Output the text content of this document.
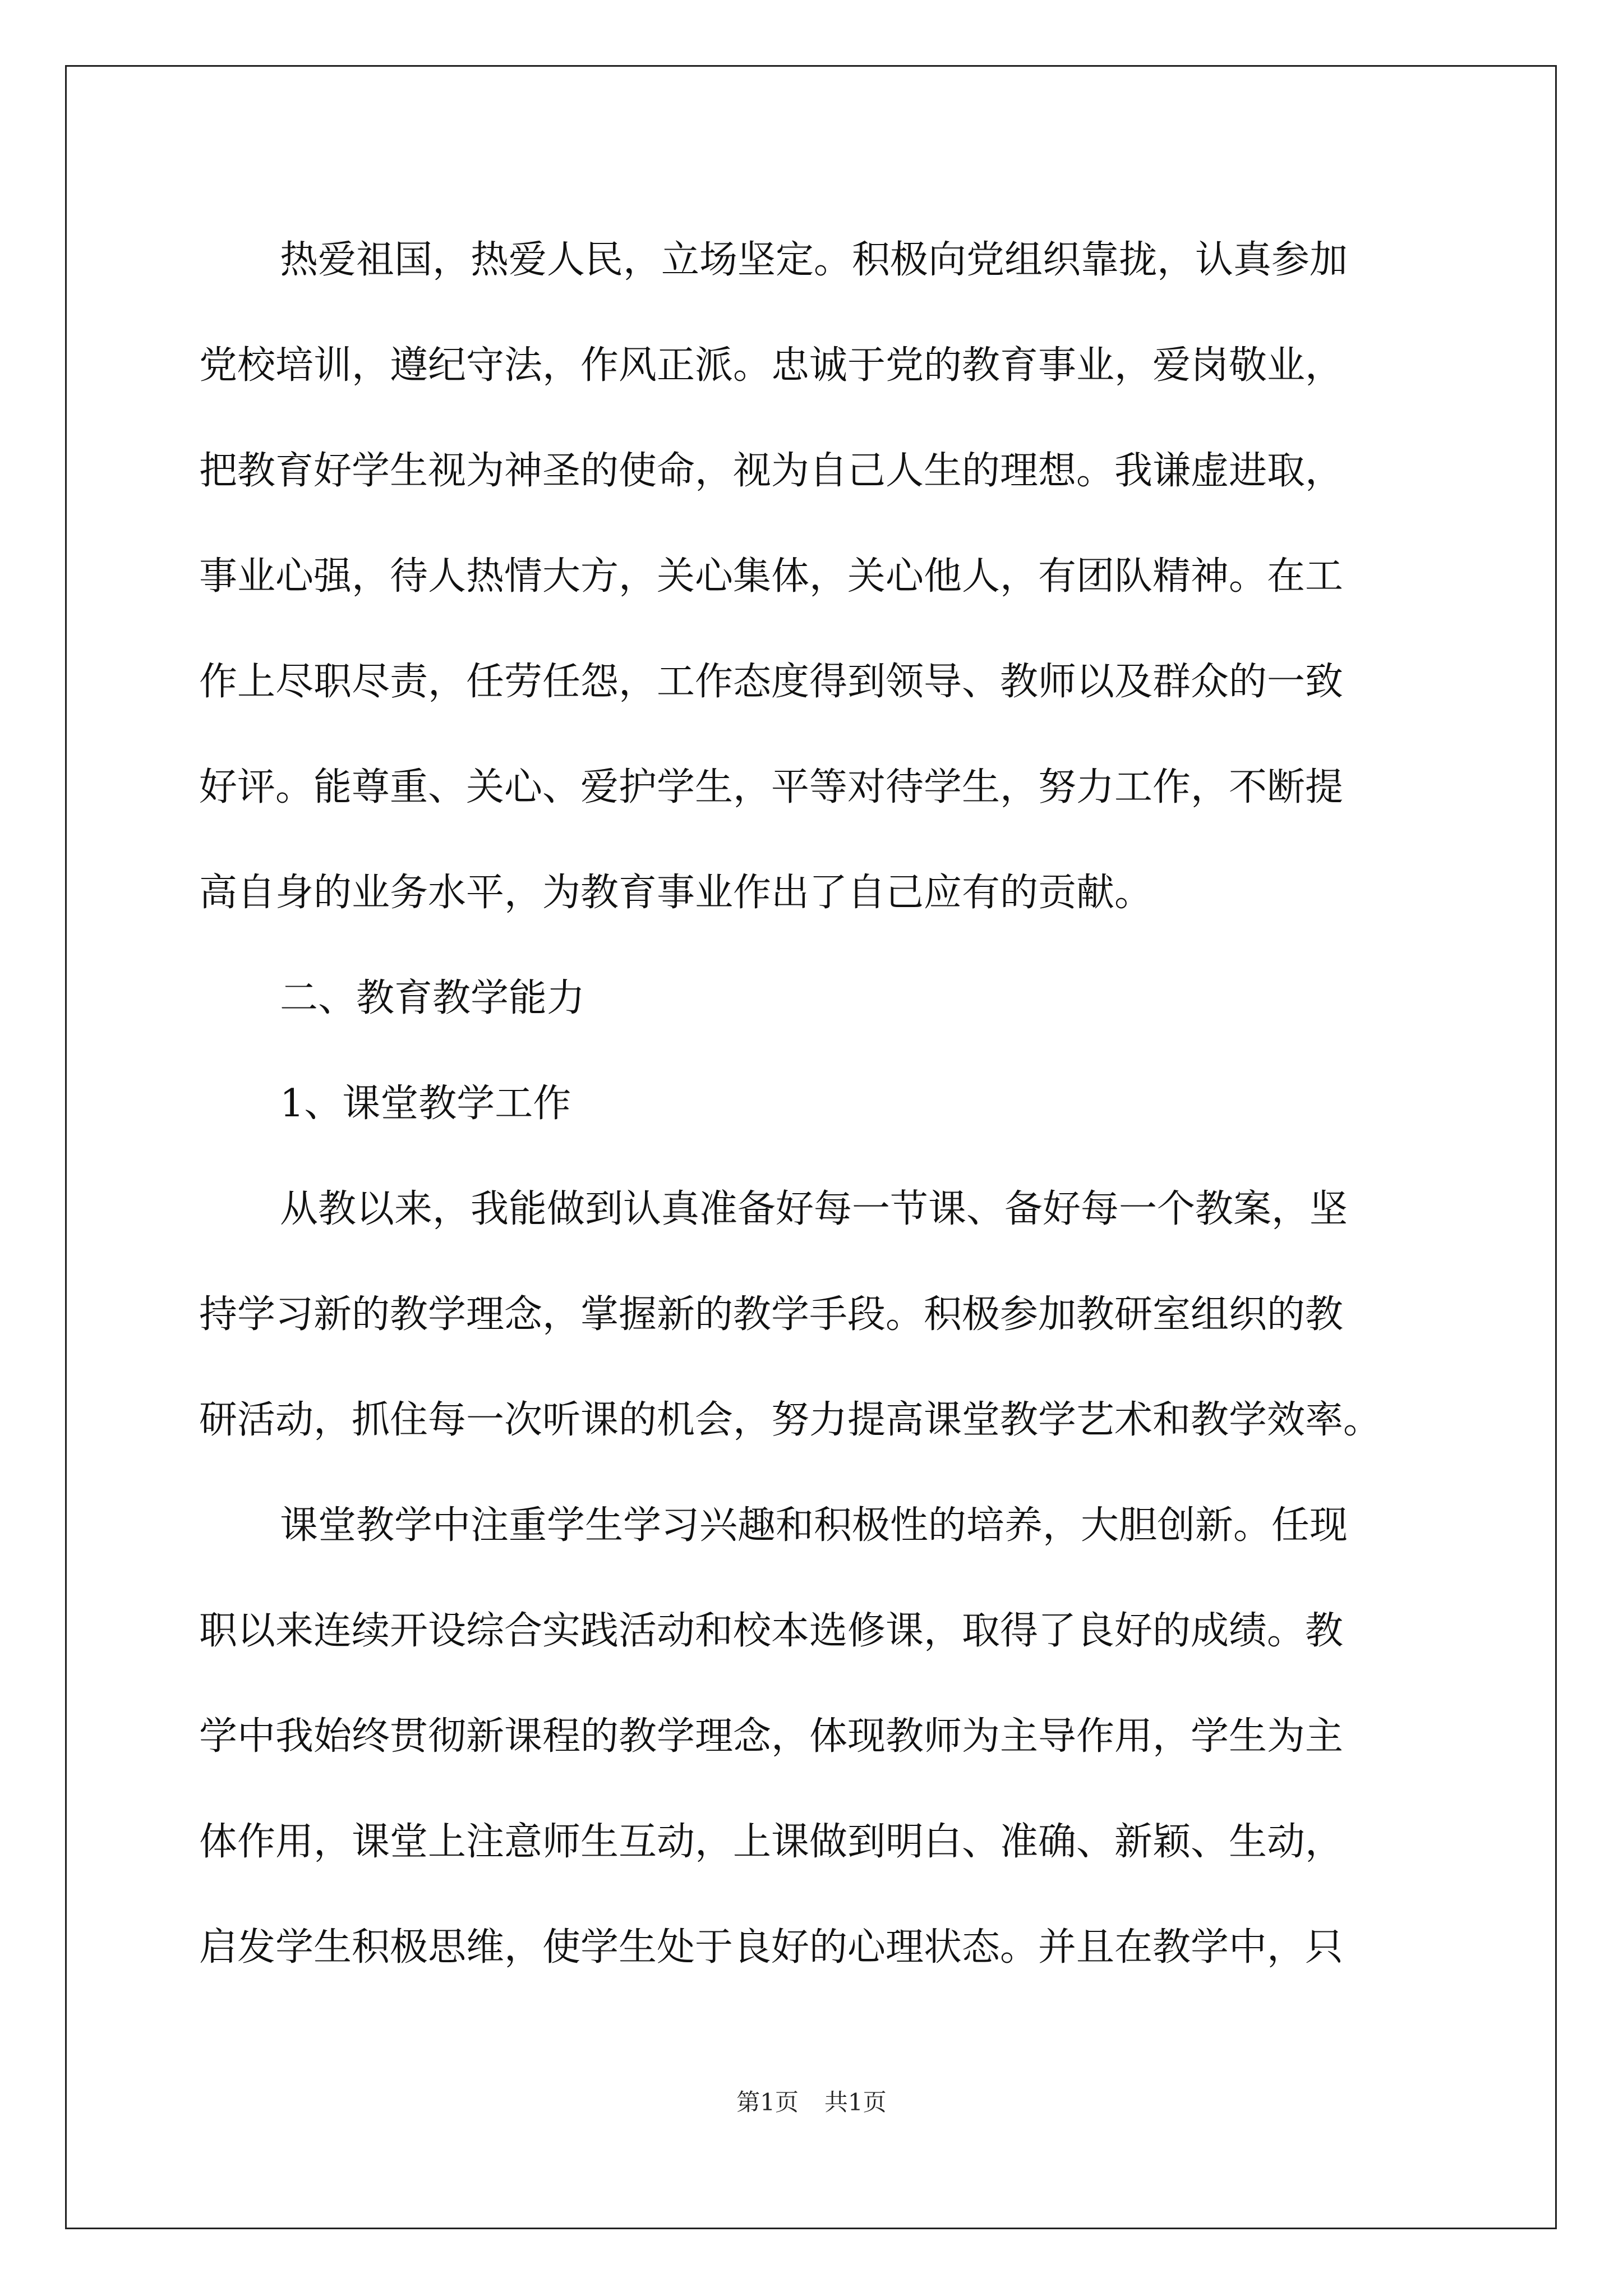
热爱祖国，热爱人民，立场坚定。积极向党组织靠拢，认真参加
党校培训，遵纪守法，作风正派。忠诚于党的教育事业，爱岗敬业，
把教育好学生视为神圣的使命，视为自己人生的理想。我谦虚进取，
事业心强，待人热情大方，关心集体，关心他人，有团队精神。在工
作上尽职尽责，任劳任怨，工作态度得到领导、教师以及群众的一致
好评。能尊重、关心、爱护学生，平等对待学生，努力工作，不断提
高自身的业务水平，为教育事业作出了自己应有的贡献。
二、教育教学能力
1、课堂教学工作
从教以来，我能做到认真准备好每一节课、备好每一个教案，坚
持学习新的教学理念，掌握新的教学手段。积极参加教研室组织的教
研活动，抓住每一次听课的机会，努力提高课堂教学艺术和教学效率。
课堂教学中注重学生学习兴趣和积极性的培养，大胆创新。任现
职以来连续开设综合实践活动和校本选修课，取得了良好的成绩。教
学中我始终贯彻新课程的教学理念，体现教师为主导作用，学生为主
体作用，课堂上注意师生互动，上课做到明白、准确、新颖、生动，
启发学生积极思维，使学生处于良好的心理状态。并且在教学中，只
第1页 共1页
